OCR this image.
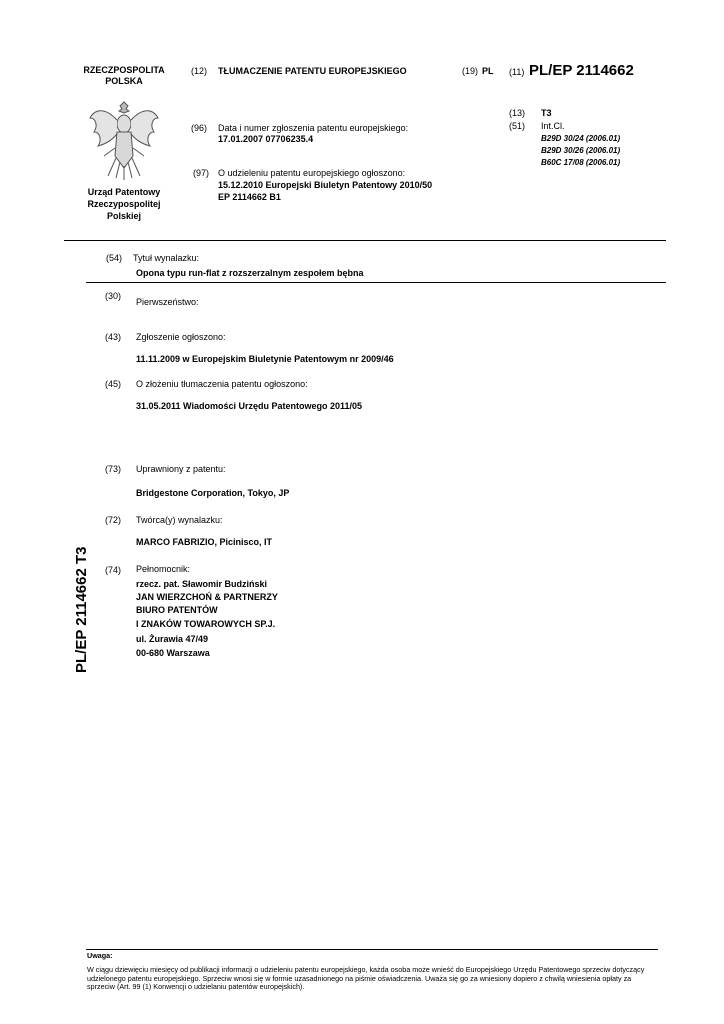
RZECZPOSPOLITA
POLSKA
Urząd Patentowy
Rzeczypospolitej
Polskiej
(12) TŁUMACZENIE PATENTU EUROPEJSKIEGO
(96) Data i numer zgłoszenia patentu europejskiego:
17.01.2007 07706235.4
(97) O udzieleniu patentu europejskiego ogłoszono:
15.12.2010 Europejski Biuletyn Patentowy 2010/50
EP 2114662 B1
(19) PL (11) PL/EP 2114662
(13) T3
(51) Int.Cl.
B29D 30/24 (2006.01)
B29D 30/26 (2006.01)
B60C 17/08 (2006.01)
(54) Tytuł wynalazku:
Opona typu run-flat z rozszerzalnym zespołem bębna
(30)
Pierwszeństwo:
(43) Zgłoszenie ogłoszono:
11.11.2009 w Europejskim Biuletynie Patentowym nr 2009/46
(45) O złożeniu tłumaczenia patentu ogłoszono:
31.05.2011 Wiadomości Urzędu Patentowego 2011/05
(73) Uprawniony z patentu:
Bridgestone Corporation, Tokyo, JP
(72) Twórca(y) wynalazku:
MARCO FABRIZIO, Picinisco, IT
(74) Pełnomocnik:
rzecz. pat. Sławomir Budziński
JAN WIERZCHOŃ & PARTNERZY
BIURO PATENTÓW
I ZNAKÓW TOWAROWYCH SP.J.
ul. Żurawia 47/49
00-680 Warszawa
PL/EP 2114662 T3
Uwaga:
W ciągu dziewięciu miesięcy od publikacji informacji o udzieleniu patentu europejskiego, każda osoba może wnieść do Europejskiego Urzędu Patentowego sprzeciw dotyczący udzielonego patentu europejskiego. Sprzeciw wnosi się w formie uzasadnionego na piśmie oświadczenia. Uważa się go za wniesiony dopiero z chwilą wniesienia opłaty za sprzeciw (Art. 99 (1) Konwencji o udzielaniu patentów europejskich).
